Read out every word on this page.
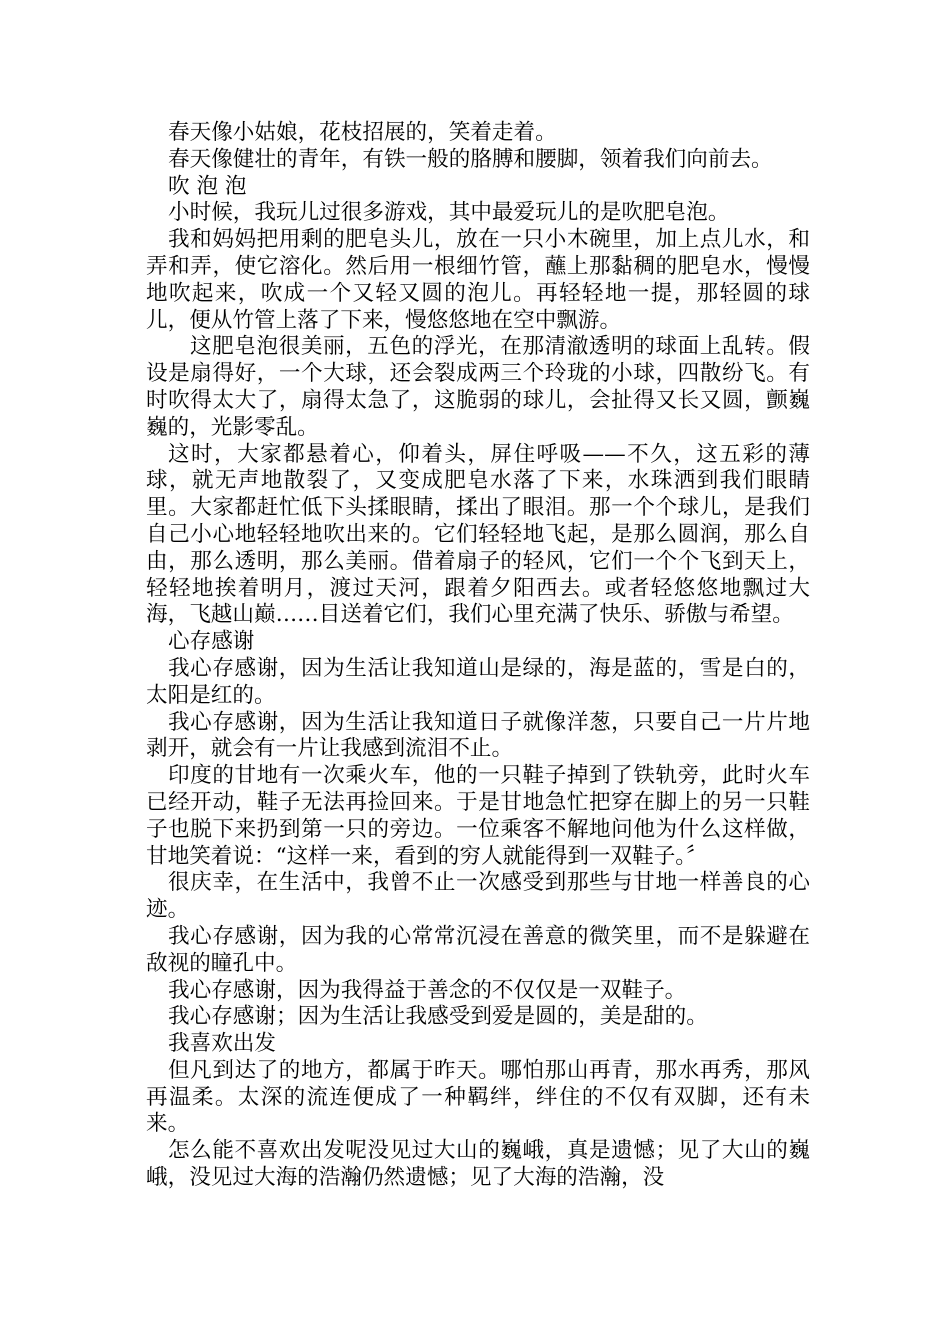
春天像小姑娘，花枝招展的，笑着走着。

春天像健壮的青年，有铁一般的胳膊和腰脚，领着我们向前去。

吹 泡 泡

小时候，我玩儿过很多游戏，其中最爱玩儿的是吹肥皂泡。

我和妈妈把用剩的肥皂头儿，放在一只小木碗里，加上点儿水，和弄和弄，使它溶化。然后用一根细竹管，蘸上那黏稠的肥皂水，慢慢地吹起来，吹成一个又轻又圆的泡儿。再轻轻地一提，那轻圆的球儿，便从竹管上落了下来，慢悠悠地在空中飘游。

这肥皂泡很美丽，五色的浮光，在那清澈透明的球面上乱转。假设是扇得好，一个大球，还会裂成两三个玲珑的小球，四散纷飞。有时吹得太大了，扇得太急了，这脆弱的球儿，会扯得又长又圆，颤巍巍的，光影零乱。

这时，大家都悬着心，仰着头，屏住呼吸——不久，这五彩的薄球，就无声地散裂了，又变成肥皂水落了下来，水珠洒到我们眼睛里。大家都赶忙低下头揉眼睛，揉出了眼泪。那一个个球儿，是我们自己小心地轻轻地吹出来的。它们轻轻地飞起，是那么圆润，那么自由，那么透明，那么美丽。借着扇子的轻风，它们一个个飞到天上，轻轻地挨着明月，渡过天河，跟着夕阳西去。或者轻悠悠地飘过大海，飞越山巅……目送着它们，我们心里充满了快乐、骄傲与希望。

心存感谢

我心存感谢，因为生活让我知道山是绿的，海是蓝的，雪是白的，太阳是红的。

我心存感谢，因为生活让我知道日子就像洋葱，只要自己一片片地剥开，就会有一片让我感到流泪不止。

印度的甘地有一次乘火车，他的一只鞋子掉到了铁轨旁，此时火车已经开动，鞋子无法再捡回来。于是甘地急忙把穿在脚上的另一只鞋子也脱下来扔到第一只的旁边。一位乘客不解地问他为什么这样做，甘地笑着说：“这样一来，看到的穷人就能得到一双鞋子。〞

很庆幸，在生活中，我曾不止一次感受到那些与甘地一样善良的心迹。

我心存感谢，因为我的心常常沉浸在善意的微笑里，而不是躲避在敌视的瞳孔中。

我心存感谢，因为我得益于善念的不仅仅是一双鞋子。

我心存感谢；因为生活让我感受到爱是圆的，美是甜的。

我喜欢出发

但凡到达了的地方，都属于昨天。哪怕那山再青，那水再秀，那风再温柔。太深的流连便成了一种羁绊，绊住的不仅有双脚，还有未来。

怎么能不喜欢出发呢没见过大山的巍峨，真是遗憾；见了大山的巍峨，没见过大海的浩瀚仍然遗憾；见了大海的浩瀚，没
